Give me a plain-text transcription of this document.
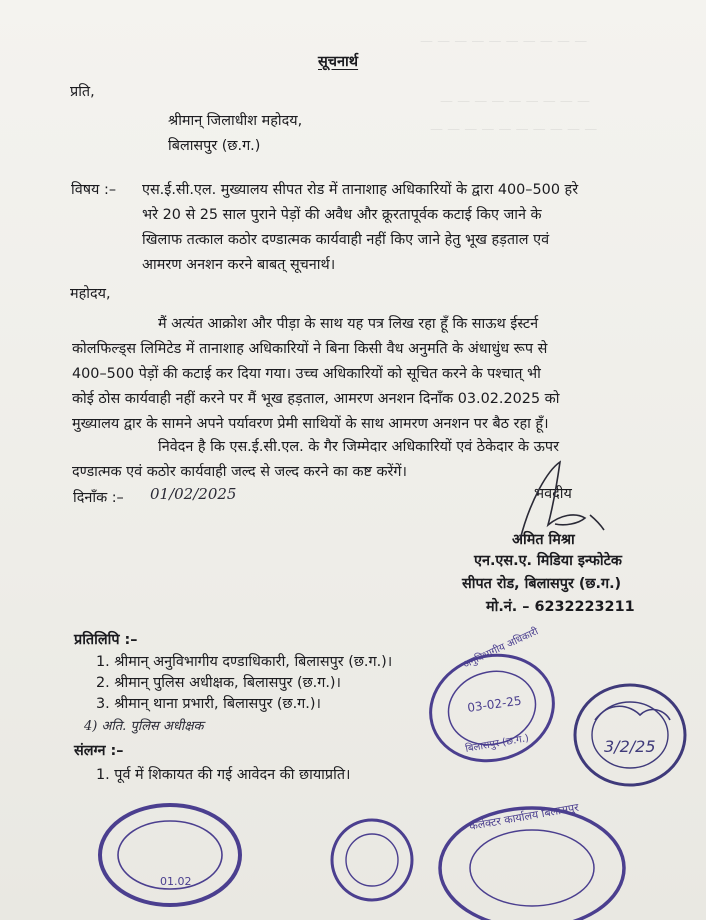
— — — — — — — — — —
— — — — — — — — —
— — — — — — — — — —
सूचनार्थ
प्रति,
श्रीमान् जिलाधीश महोदय,
बिलासपुर (छ.ग.)
विषय :– एस.ई.सी.एल. मुख्यालय सीपत रोड में तानाशाह अधिकारियों के द्वारा 400–500 हरे
भरे 20 से 25 साल पुराने पेड़ों की अवैध और क्रूरतापूर्वक कटाई किए जाने के
खिलाफ तत्काल कठोर दण्डात्मक कार्यवाही नहीं किए जाने हेतु भूख हड़ताल एवं
आमरण अनशन करने बाबत् सूचनार्थ।
महोदय,
मैं अत्यंत आक्रोश और पीड़ा के साथ यह पत्र लिख रहा हूँ कि साऊथ ईस्टर्न
कोलफिल्ड्स लिमिटेड में तानाशाह अधिकारियों ने बिना किसी वैध अनुमति के अंधाधुंध रूप से
400–500 पेड़ों की कटाई कर दिया गया। उच्च अधिकारियों को सूचित करने के पश्चात् भी
कोई ठोस कार्यवाही नहीं करने पर मैं भूख हड़ताल, आमरण अनशन दिनाँक 03.02.2025 को
मुख्यालय द्वार के सामने अपने पर्यावरण प्रेमी साथियों के साथ आमरण अनशन पर बैठ रहा हूँ।
निवेदन है कि एस.ई.सी.एल. के गैर जिम्मेदार अधिकारियों एवं ठेकेदार के ऊपर
दण्डात्मक एवं कठोर कार्यवाही जल्द से जल्द करने का कष्ट करेंगें।
दिनाँक :– 01/02/2025	भवदीय
अमित मिश्रा
एन.एस.ए. मिडिया इन्फोटेक
सीपत रोड, बिलासपुर (छ.ग.)
मो.नं. – 6232223211
प्रतिलिपि :–
1. श्रीमान् अनुविभागीय दण्डाधिकारी, बिलासपुर (छ.ग.)।
2. श्रीमान् पुलिस अधीक्षक, बिलासपुर (छ.ग.)।
3. श्रीमान् थाना प्रभारी, बिलासपुर (छ.ग.)।
4) अति. पुलिस अधीक्षक
संलग्न :–
1. पूर्व में शिकायत की गई आवेदन की छायाप्रति।
अनुविभागीय अधिकारी
03-02-25
बिलासपुर (छ.ग.)	3/2/25
01.02
कलेक्टर कार्यालय बिलासपुर
